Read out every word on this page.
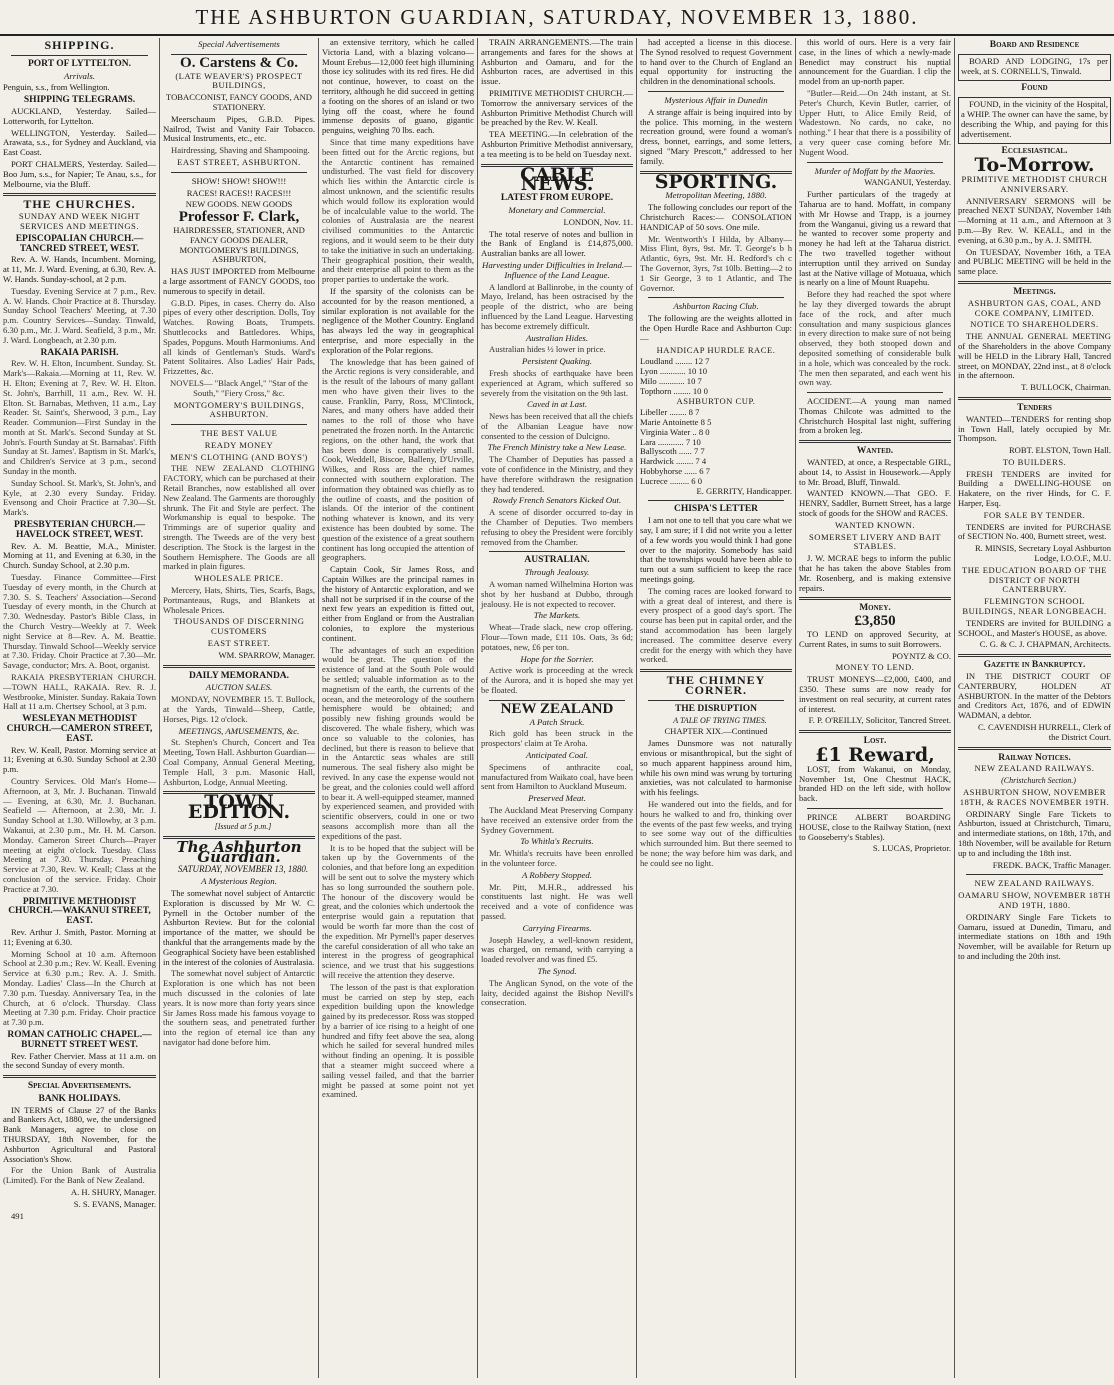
THE ASHBURTON GUARDIAN, SATURDAY, NOVEMBER 13, 1880.
SHIPPING.
PORT OF LYTTELTON.
Arrivals.

Penguin, s.s., from Wellington.

SHIPPING TELEGRAMS.

AUCKLAND, Yesterday. Sailed—Lotterworth, for Lyttelton.

WELLINGTON, Yesterday. Sailed—Arawata, s.s., for Sydney and Auckland, via East Coast.

PORT CHALMERS, Yesterday. Sailed—Boo Jum, s.s., for Napier; Te Anau, s.s., for Melbourne, via the Bluff.

THE CHURCHES.

SUNDAY AND WEEK NIGHT SERVICES AND MEETINGS.

EPISCOPALIAN CHURCH.—TANCRED STREET, WEST.

Rev. A. W. Hands, Incumbent. Morning, at 11, Mr. J. Ward. Evening, at 6.30, Rev. A. W. Hands. Sunday-school, at 2 p.m.

Tuesday. Evening Service at 7 p.m., Rev. A. W. Hands. Choir Practice at 8. Thursday. Sunday School Teachers' Meeting, at 7.30 p.m. Country Services—Sunday. Tinwald, 6.30 p.m., Mr. J. Ward. Seafield, 3 p.m., Mr. J. Ward. Longbeach, at 2.30 p.m.

RAKAIA PARISH.

Rev. W. H. Elton, Incumbent. Sunday. St. Mark's—Rakaia.—Morning at 11, Rev. W. H. Elton; Evening at 7, Rev. W. H. Elton. St. John's, Barrhill, 11 a.m., Rev. W. H. Elton. St. Barnabas, Methven, 11 a.m., Lay Reader. St. Saint's, Sherwood, 3 p.m., Lay Reader. Communion—First Sunday in the month at St. Mark's. Second Sunday at St. John's. Fourth Sunday at St. Barnabas'. Fifth Sunday at St. James'. Baptism in St. Mark's, and Children's Service at 3 p.m., second Sunday in the month.

Sunday School. St. Mark's, St. John's, and Kyle, at 2.30 every Sunday. Friday. Evensong and Choir Practice at 7.30—St. Mark's.

PRESBYTERIAN CHURCH.—HAVELOCK STREET, WEST.

Rev. A. M. Beattie, M.A., Minister. Morning at 11, and Evening at 6.30, in the Church. Sunday School, at 2.30 p.m.

Tuesday. Finance Committee—First Tuesday of every month, in the Church at 7.30. S. S. Teachers' Association—Second Tuesday of every month, in the Church at 7.30. Wednesday. Pastor's Bible Class, in the Church Vestry—Weekly at 7. Week night Service at 8—Rev. A. M. Beattie. Thursday. Tinwald School—Weekly service at 7.30. Friday. Choir Practice at 7.30—Mr. Savage, conductor; Mrs. A. Boot, organist.

RAKAIA PRESBYTERIAN CHURCH.—TOWN HALL, RAKAIA. Rev. R. J. Westbrooke, Minister. Sunday. Rakaia Town Hall at 11 a.m. Chertsey School, at 3 p.m.

WESLEYAN METHODIST CHURCH.—CAMERON STREET, EAST.

Rev. W. Keall, Pastor. Morning service at 11; Evening at 6.30. Sunday School at 2.30 p.m.

Country Services. Old Man's Home—Afternoon, at 3, Mr. J. Buchanan. Tinwald — Evening, at 6.30, Mr. J. Buchanan. Seafield — Afternoon, at 2.30, Mr. J. Sunday School at 1.30. Willowby, at 3 p.m. Wakanui, at 2.30 p.m., Mr. H. M. Carson. Monday. Cameron Street Church—Prayer meeting at eight o'clock. Tuesday. Class Meeting at 7.30. Thursday. Preaching Service at 7.30, Rev. W. Keall; Class at the conclusion of the service. Friday. Choir Practice at 7.30.

PRIMITIVE METHODIST CHURCH.—WAKANUI STREET, EAST.

Rev. Arthur J. Smith, Pastor. Morning at 11; Evening at 6.30.

Morning School at 10 a.m. Afternoon School at 2.30 p.m.; Rev. W. Keall. Evening Service at 6.30 p.m.; Rev. A. J. Smith. Monday. Ladies' Class—In the Church at 7.30 p.m. Tuesday. Anniversary Tea, in the Church, at 6 o'clock. Thursday. Class Meeting at 7.30 p.m. Friday. Choir practice at 7.30 p.m.

ROMAN CATHOLIC CHAPEL.—BURNETT STREET WEST.

Rev. Father Chervier. Mass at 11 a.m. on the second Sunday of every month.

Special Advertisements.
BANK HOLIDAYS.

IN TERMS of Clause 27 of the Banks and Bankers Act, 1880, we, the undersigned Bank Managers, agree to close on THURSDAY, 18th November, for the Ashburton Agricultural and Pastoral Association's Show.

For the Union Bank of Australia (Limited). For the Bank of New Zealand.

A. H. SHURY, Manager.

S. S. EVANS, Manager.

491

Special Advertisements
O. Carstens & Co.

(LATE WEAVER'S) PROSPECT BUILDINGS,

TOBACCONIST, FANCY GOODS, AND STATIONERY.

Meerschaum Pipes, G.B.D. Pipes. Nailrod, Twist and Vanity Fair Tobacco. Musical Instruments, etc., etc.

Hairdressing, Shaving and Shampooing.

EAST STREET, ASHBURTON.

SHOW! SHOW! SHOW!!!

RACES! RACES!! RACES!!!

NEW GOODS. NEW GOODS

Professor F. Clark,

HAIRDRESSER, STATIONER, AND FANCY GOODS DEALER, MONTGOMERY'S BUILDINGS, ASHBURTON,

HAS JUST IMPORTED from Melbourne a large assortment of FANCY GOODS, too numerous to specify in detail.

G.B.D. Pipes, in cases. Cherry do. Also pipes of every other description. Dolls, Toy Watches. Rowing Boats, Trumpets. Shuttlecocks and Battledores. Whips, Spades, Popguns. Mouth Harmoniums. And all kinds of Gentleman's Studs. Ward's Patent Solitaires. Also Ladies' Hair Pads, Frizzettes, &c.

NOVELS— "Black Angel," "Star of the South," "Fiery Cross," &c.

MONTGOMERY'S BUILDINGS, ASHBURTON.

THE BEST VALUE

READY MONEY

MEN'S CLOTHING (AND BOYS')

THE NEW ZEALAND CLOTHING FACTORY, which can be purchased at their Retail Branches, now established all over New Zealand. The Garments are thoroughly shrunk. The Fit and Style are perfect. The Workmanship is equal to bespoke. The Trimmings are of superior quality and strength. The Tweeds are of the very best description. The Stock is the largest in the Southern Hemisphere. The Goods are all marked in plain figures.

WHOLESALE PRICE.

Mercery, Hats, Shirts, Ties, Scarfs, Bags, Portmanteaus, Rugs, and Blankets at Wholesale Prices.

THOUSANDS OF DISCERNING CUSTOMERS

EAST STREET.

WM. SPARROW, Manager.

DAILY MEMORANDA.
AUCTION SALES.

MONDAY, NOVEMBER 15. T. Bullock, at the Yards, Tinwald—Sheep, Cattle, Horses, Pigs. 12 o'clock.

MEETINGS, AMUSEMENTS, &c.

St. Stephen's Church, Concert and Tea Meeting, Town Hall. Ashburton Guardian—Coal Company, Annual General Meeting, Temple Hall, 3 p.m. Masonic Hall, Ashburton, Lodge, Annual Meeting.

TOWN EDITION.

[Issued at 5 p.m.]

The Ashburton Guardian.

SATURDAY, NOVEMBER 13, 1880.

A Mysterious Region.

The somewhat novel subject of Antarctic Exploration is discussed by Mr W. C. Pyrnell in the October number of the Ashburton Review. But for the colonial importance of the matter, we should be thankful that the arrangements made by the Geographical Society have been established in the interest of the colonies of Australasia.

The somewhat novel subject of Antarctic Exploration is one which has not been much discussed in the colonies of late years. It is now more than forty years since Sir James Ross made his famous voyage to the southern seas, and penetrated further into the region of eternal ice than any navigator had done before him.

an extensive territory, which he called Victoria Land, with a blazing volcano—Mount Erebus—12,000 feet high illumining those icy solitudes with its red fires. He did not continue, however, to coast on the territory, although he did succeed in getting a footing on the shores of an island or two lying off the coast, where he found immense deposits of guano, gigantic penguins, weighing 70 lbs. each.

Since that time many expeditions have been fitted out for the Arctic regions, but the Antarctic continent has remained undisturbed. The vast field for discovery which lies within the Antarctic circle is almost unknown, and the scientific results which would follow its exploration would be of incalculable value to the world. The colonies of Australasia are the nearest civilised communities to the Antarctic regions, and it would seem to be their duty to take the initiative in such an undertaking. Their geographical position, their wealth, and their enterprise all point to them as the proper parties to undertake the work.

If the sparsity of the colonists can be accounted for by the reason mentioned, a similar exploration is not available for the negligence of the Mother Country. England has always led the way in geographical enterprise, and more especially in the exploration of the Polar regions.

The knowledge that has been gained of the Arctic regions is very considerable, and is the result of the labours of many gallant men who have given their lives to the cause. Franklin, Parry, Ross, M'Clintock, Nares, and many others have added their names to the roll of those who have penetrated the frozen north. In the Antarctic regions, on the other hand, the work that has been done is comparatively small. Cook, Weddell, Biscoe, Balleny, D'Urville, Wilkes, and Ross are the chief names connected with southern exploration. The information they obtained was chiefly as to the outline of coasts, and the position of islands. Of the interior of the continent nothing whatever is known, and its very existence has been doubted by some. The question of the existence of a great southern continent has long occupied the attention of geographers.

Captain Cook, Sir James Ross, and Captain Wilkes are the principal names in the history of Antarctic exploration, and we shall not be surprised if in the course of the next few years an expedition is fitted out, either from England or from the Australian colonies, to explore the mysterious continent.

The advantages of such an expedition would be great. The question of the existence of land at the South Pole would be settled; valuable information as to the magnetism of the earth, the currents of the ocean, and the meteorology of the southern hemisphere would be obtained; and possibly new fishing grounds would be discovered. The whale fishery, which was once so valuable to the colonies, has declined, but there is reason to believe that in the Antarctic seas whales are still numerous. The seal fishery also might be revived. In any case the expense would not be great, and the colonies could well afford to bear it. A well-equipped steamer, manned by experienced seamen, and provided with scientific observers, could in one or two seasons accomplish more than all the expeditions of the past.

It is to be hoped that the subject will be taken up by the Governments of the colonies, and that before long an expedition will be sent out to solve the mystery which has so long surrounded the southern pole. The honour of the discovery would be great, and the colonies which undertook the enterprise would gain a reputation that would be worth far more than the cost of the expedition. Mr Pyrnell's paper deserves the careful consideration of all who take an interest in the progress of geographical science, and we trust that his suggestions will receive the attention they deserve.

The lesson of the past is that exploration must be carried on step by step, each expedition building upon the knowledge gained by its predecessor. Ross was stopped by a barrier of ice rising to a height of one hundred and fifty feet above the sea, along which he sailed for several hundred miles without finding an opening. It is possible that a steamer might succeed where a sailing vessel failed, and that the barrier might be passed at some point not yet examined.

TRAIN ARRANGEMENTS.—The train arrangements and fares for the shows at Ashburton and Oamaru, and for the Ashburton races, are advertised in this issue.

PRIMITIVE METHODIST CHURCH.—Tomorrow the anniversary services of the Ashburton Primitive Methodist Church will be preached by the Rev. W. Keall.

TEA MEETING.—In celebration of the Ashburton Primitive Methodist anniversary, a tea meeting is to be held on Tuesday next.

CABLE NEWS.
LATEST FROM EUROPE.
Monetary and Commercial.

LONDON, Nov. 11.

The total reserve of notes and bullion in the Bank of England is £14,875,000. Australian banks are all lower.

Harvesting under Difficulties in Ireland.—Influence of the Land League.

A landlord at Ballinrobe, in the county of Mayo, Ireland, has been ostracised by the people of the district, who are being influenced by the Land League. Harvesting has become extremely difficult.

Australian Hides.

Australian hides ½ lower in price.

Persistent Quaking.

Fresh shocks of earthquake have been experienced at Agram, which suffered so severely from the visitation on the 9th last.

Caved in at Last.

News has been received that all the chiefs of the Albanian League have now consented to the cession of Dulcigno.

The French Ministry take a New Lease.

The Chamber of Deputies has passed a vote of confidence in the Ministry, and they have therefore withdrawn the resignation they had tendered.

Rowdy French Senators Kicked Out.

A scene of disorder occurred to-day in the Chamber of Deputies. Two members refusing to obey the President were forcibly removed from the Chamber.

AUSTRALIAN.
Through Jealousy.

A woman named Wilhelmina Horton was shot by her husband at Dubbo, through jealousy. He is not expected to recover.

The Markets.

Wheat—Trade slack, new crop offering. Flour—Town made, £11 10s. Oats, 3s 6d; potatoes, new, £6 per ton.

Hope for the Sorrier.

Active work is proceeding at the wreck of the Aurora, and it is hoped she may yet be floated.

NEW ZEALAND
A Patch Struck.

Rich gold has been struck in the prospectors' claim at Te Aroha.

Anticipated Coal.

Specimens of anthracite coal, manufactured from Waikato coal, have been sent from Hamilton to Auckland Museum.

Preserved Meat.

The Auckland Meat Preserving Company have received an extensive order from the Sydney Government.

To Whitla's Recruits.

Mr. Whitla's recruits have been enrolled in the volunteer force.

A Robbery Stopped.

Mr. Pitt, M.H.R., addressed his constituents last night. He was well received and a vote of confidence was passed.

Carrying Firearms.

Joseph Hawley, a well-known resident, was charged, on remand, with carrying a loaded revolver and was fined £5.

The Synod.

The Anglican Synod, on the vote of the laity, decided against the Bishop Nevill's consecration.

had accepted a license in this diocese. The Synod resolved to request Government to hand over to the Church of England an equal opportunity for instructing the children in the denominational schools.

Mysterious Affair in Dunedin

A strange affair is being inquired into by the police. This morning, in the western recreation ground, were found a woman's dress, bonnet, earrings, and some letters, signed "Mary Prescott," addressed to her family.

SPORTING.
Metropolitan Meeting, 1880.

The following concludes our report of the Christchurch Races:— CONSOLATION HANDICAP of 50 sovs. One mile.

Mr. Wentworth's I Hilda, by Albany—Miss Flint, 8yrs, 9st. Mr. T. George's b h Atlantic, 6yrs, 9st. Mr. H. Redford's ch c The Governor, 3yrs, 7st 10lb. Betting—2 to 1 Sir George, 3 to 1 Atlantic, and The Governor.

Ashburton Racing Club.

The following are the weights allotted in the Open Hurdle Race and Ashburton Cup:—

HANDICAP HURDLE RACE.

Loudland ........ 12 7

Lyon ............ 10 10

Milo ............ 10 7

Topthorn ........ 10 0

ASHBURTON CUP.

Libeller ........ 8 7

Marie Antoinette 8 5

Virginia Water .. 8 0

Lara ............ 7 10

Ballyscoth ...... 7 7

Hardwick ........ 7 4

Hobbyhorse ...... 6 7

Lucrece ......... 6 0

E. GERRITY, Handicapper.

CHISPA'S LETTER

I am not one to tell that you care what we say, I am sure; if I did not write you a letter of a few words you would think I had gone over to the majority. Somebody has said that the townships would have been able to turn out a sum sufficient to keep the race meetings going.

The coming races are looked forward to with a great deal of interest, and there is every prospect of a good day's sport. The course has been put in capital order, and the stand accommodation has been largely increased. The committee deserve every credit for the energy with which they have worked.

THE CHIMNEY CORNER.
THE DISRUPTION

A TALE OF TRYING TIMES.

CHAPTER XIX.—Continued

James Dunsmore was not naturally envious or misanthropical, but the sight of so much apparent happiness around him, while his own mind was wrung by torturing anxieties, was not calculated to harmonise with his feelings.

He wandered out into the fields, and for hours he walked to and fro, thinking over the events of the past few weeks, and trying to see some way out of the difficulties which surrounded him. But there seemed to be none; the way before him was dark, and he could see no light.

this world of ours. Here is a very fair case, in the lines of which a newly-made Benedict may construct his nuptial announcement for the Guardian. I clip the model from an up-north paper.

"Butler—Reid.—On 24th instant, at St. Peter's Church, Kevin Butler, carrier, of Upper Hutt, to Alice Emily Reid, of Wadestown. No cards, no cake, no nothing." I hear that there is a possibility of a very queer case coming before Mr. Nugent Wood.

Murder of Moffatt by the Maories.

WANGANUI, Yesterday.

Further particulars of the tragedy at Taharua are to hand. Moffatt, in company with Mr Howse and Trapp, is a journey from the Wanganui, giving us a reward that he wanted to recover some property and money he had left at the Taharua district. The two travelled together without interruption until they arrived on Sunday last at the Native village of Motuaua, which is nearly on a line of Mount Ruapehu.

Before they had reached the spot where he lay they diverged towards the abrupt face of the rock, and after much consultation and many suspicious glances in every direction to make sure of not being observed, they both stooped down and deposited something of considerable bulk in a hole, which was concealed by the rock. The men then separated, and each went his own way.

ACCIDENT.—A young man named Thomas Chilcote was admitted to the Christchurch Hospital last night, suffering from a broken leg.

Wanted.

WANTED, at once, a Respectable GIRL, about 14, to Assist in Housework.—Apply to Mr. Broad, Bluff, Tinwald.

WANTED KNOWN.—That GEO. F. HENRY, Saddler, Burnett Street, has a large stock of goods for the SHOW and RACES.

WANTED KNOWN.

SOMERSET LIVERY AND BAIT STABLES.

J. W. MCRAE begs to inform the public that he has taken the above Stables from Mr. Rosenberg, and is making extensive repairs.

Money.
£3,850

TO LEND on approved Security, at Current Rates, in sums to suit Borrowers.

POYNTZ & CO.

MONEY TO LEND.

TRUST MONEYS—£2,000, £400, and £350. These sums are now ready for investment on real security, at current rates of interest.

F. P. O'REILLY, Solicitor, Tancred Street.

Lost.
£1 Reward,

LOST, from Wakanui, on Monday, November 1st, One Chestnut HACK, branded HD on the left side, with hollow back.

PRINCE ALBERT BOARDING HOUSE, close to the Railway Station, (next to Gooseberry's Stables).

S. LUCAS, Proprietor.

Board and Residence

BOARD AND LODGING, 17s per week, at S. CORNELL'S, Tinwald.

Found

FOUND, in the vicinity of the Hospital, a WHIP. The owner can have the same, by describing the Whip, and paying for this advertisement.

Ecclesiastical.
To-Morrow.

PRIMITIVE METHODIST CHURCH ANNIVERSARY.

ANNIVERSARY SERMONS will be preached NEXT SUNDAY, November 14th—Morning at 11 a.m., and Afternoon at 3 p.m.—By Rev. W. KEALL, and in the evening, at 6.30 p.m., by A. J. SMITH.

On TUESDAY, November 16th, a TEA and PUBLIC MEETING will be held in the same place.

Meetings.

ASHBURTON GAS, COAL, AND COKE COMPANY, LIMITED.

NOTICE TO SHAREHOLDERS.

THE ANNUAL GENERAL MEETING of the Shareholders in the above Company will be HELD in the Library Hall, Tancred street, on MONDAY, 22nd inst., at 8 o'clock in the afternoon.

T. BULLOCK, Chairman.

Tenders

WANTED—TENDERS for renting shop in Town Hall, lately occupied by Mr. Thompson.

ROBT. ELSTON, Town Hall.

TO BUILDERS.

FRESH TENDERS are invited for Building a DWELLING-HOUSE on Hakatere, on the river Hinds, for C. F. Harper, Esq.

FOR SALE BY TENDER.

TENDERS are invited for PURCHASE of SECTION No. 400, Burnett street, west.

R. MINSIS, Secretary Loyal Ashburton Lodge, I.O.O.F., M.U.

THE EDUCATION BOARD OF THE DISTRICT OF NORTH CANTERBURY.

FLEMINGTON SCHOOL BUILDINGS, NEAR LONGBEACH.

TENDERS are invited for BUILDING a SCHOOL, and Master's HOUSE, as above.

C. G. & C. J. CHAPMAN, Architects.

Gazette in Bankruptcy.

IN THE DISTRICT COURT OF CANTERBURY, HOLDEN AT ASHBURTON. In the matter of the Debtors and Creditors Act, 1876, and of EDWIN WADMAN, a debtor.

C. CAVENDISH HURRELL, Clerk of the District Court.

Railway Notices.

NEW ZEALAND RAILWAYS.

(Christchurch Section.)

ASHBURTON SHOW, NOVEMBER 18TH, & RACES NOVEMBER 19TH.

ORDINARY Single Fare Tickets to Ashburton, issued at Christchurch, Timaru, and intermediate stations, on 18th, 17th, and 18th November, will be available for Return up to and including the 18th inst.

FREDK. BACK, Traffic Manager.

NEW ZEALAND RAILWAYS.

OAMARU SHOW, NOVEMBER 18TH AND 19TH, 1880.

ORDINARY Single Fare Tickets to Oamaru, issued at Dunedin, Timaru, and intermediate stations on 18th and 19th November, will be available for Return up to and including the 20th inst.
